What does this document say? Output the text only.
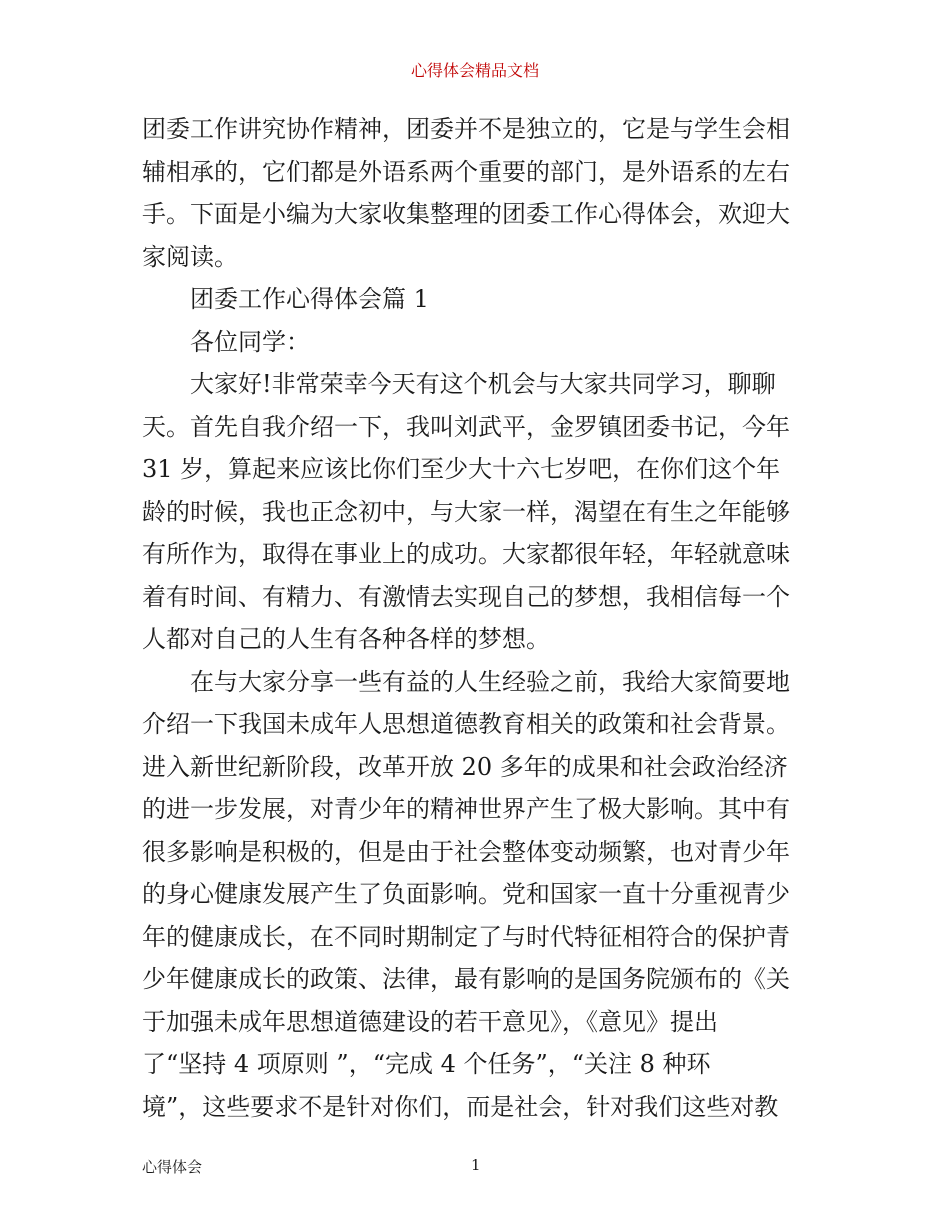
心得体会精品文档
团委工作讲究协作精神，团委并不是独立的，它是与学生会相
辅相承的，它们都是外语系两个重要的部门，是外语系的左右
手。下面是小编为大家收集整理的团委工作心得体会，欢迎大
家阅读。
团委工作心得体会篇 1
各位同学：
大家好!非常荣幸今天有这个机会与大家共同学习，聊聊
天。首先自我介绍一下，我叫刘武平，金罗镇团委书记，今年
31 岁，算起来应该比你们至少大十六七岁吧，在你们这个年
龄的时候，我也正念初中，与大家一样，渴望在有生之年能够
有所作为，取得在事业上的成功。大家都很年轻，年轻就意味
着有时间、有精力、有激情去实现自己的梦想，我相信每一个
人都对自己的人生有各种各样的梦想。
在与大家分享一些有益的人生经验之前，我给大家简要地
介绍一下我国未成年人思想道德教育相关的政策和社会背景。
进入新世纪新阶段，改革开放 20 多年的成果和社会政治经济
的进一步发展，对青少年的精神世界产生了极大影响。其中有
很多影响是积极的，但是由于社会整体变动频繁，也对青少年
的身心健康发展产生了负面影响。党和国家一直十分重视青少
年的健康成长，在不同时期制定了与时代特征相符合的保护青
少年健康成长的政策、法律，最有影响的是国务院颁布的《关
于加强未成年思想道德建设的若干意见》，《意见》提出
了“坚持 4 项原则 ”，“完成 4 个任务”，“关注 8 种环
境”，这些要求不是针对你们，而是社会，针对我们这些对教
心得体会	1
